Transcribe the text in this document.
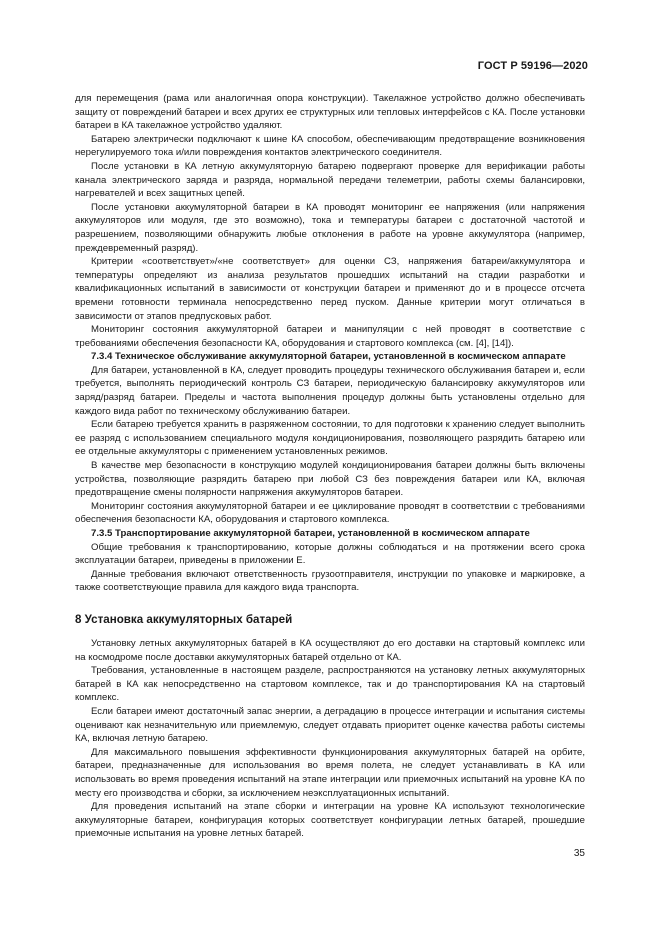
ГОСТ Р 59196—2020

для перемещения (рама или аналогичная опора конструкции). Такелажное устройство должно обеспечивать защиту от повреждений батареи и всех других ее структурных или тепловых интерфейсов с КА. После установки батареи в КА такелажное устройство удаляют.

Батарею электрически подключают к шине КА способом, обеспечивающим предотвращение возникновения нерегулируемого тока и/или повреждения контактов электрического соединителя.

После установки в КА летную аккумуляторную батарею подвергают проверке для верификации работы канала электрического заряда и разряда, нормальной передачи телеметрии, работы схемы балансировки, нагревателей и всех защитных цепей.

После установки аккумуляторной батареи в КА проводят мониторинг ее напряжения (или напряжения аккумуляторов или модуля, где это возможно), тока и температуры батареи с достаточной частотой и разрешением, позволяющими обнаружить любые отклонения в работе на уровне аккумулятора (например, преждевременный разряд).

Критерии «соответствует»/«не соответствует» для оценки СЗ, напряжения батареи/аккумулятора и температуры определяют из анализа результатов прошедших испытаний на стадии разработки и квалификационных испытаний в зависимости от конструкции батареи и применяют до и в процессе отсчета времени готовности терминала непосредственно перед пуском. Данные критерии могут отличаться в зависимости от этапов предпусковых работ.

Мониторинг состояния аккумуляторной батареи и манипуляции с ней проводят в соответствие с требованиями обеспечения безопасности КА, оборудования и стартового комплекса (см. [4], [14]).

7.3.4 Техническое обслуживание аккумуляторной батареи, установленной в космическом аппарате

Для батареи, установленной в КА, следует проводить процедуры технического обслуживания батареи и, если требуется, выполнять периодический контроль СЗ батареи, периодическую балансировку аккумуляторов или заряд/разряд батареи. Пределы и частота выполнения процедур должны быть установлены отдельно для каждого вида работ по техническому обслуживанию батареи.

Если батарею требуется хранить в разряженном состоянии, то для подготовки к хранению следует выполнить ее разряд с использованием специального модуля кондиционирования, позволяющего разрядить батарею или ее отдельные аккумуляторы с применением установленных режимов.

В качестве мер безопасности в конструкцию модулей кондиционирования батареи должны быть включены устройства, позволяющие разрядить батарею при любой СЗ без повреждения батареи или КА, включая предотвращение смены полярности напряжения аккумуляторов батареи.

Мониторинг состояния аккумуляторной батареи и ее циклирование проводят в соответствии с требованиями обеспечения безопасности КА, оборудования и стартового комплекса.

7.3.5 Транспортирование аккумуляторной батареи, установленной в космическом аппарате

Общие требования к транспортированию, которые должны соблюдаться и на протяжении всего срока эксплуатации батареи, приведены в приложении Е.

Данные требования включают ответственность грузоотправителя, инструкции по упаковке и маркировке, а также соответствующие правила для каждого вида транспорта.

8 Установка аккумуляторных батарей

Установку летных аккумуляторных батарей в КА осуществляют до его доставки на стартовый комплекс или на космодроме после доставки аккумуляторных батарей отдельно от КА.

Требования, установленные в настоящем разделе, распространяются на установку летных аккумуляторных батарей в КА как непосредственно на стартовом комплексе, так и до транспортирования КА на стартовый комплекс.

Если батареи имеют достаточный запас энергии, а деградацию в процессе интеграции и испытания системы оценивают как незначительную или приемлемую, следует отдавать приоритет оценке качества работы системы КА, включая летную батарею.

Для максимального повышения эффективности функционирования аккумуляторных батарей на орбите, батареи, предназначенные для использования во время полета, не следует устанавливать в КА или использовать во время проведения испытаний на этапе интеграции или приемочных испытаний на уровне КА по месту его производства и сборки, за исключением неэксплуатационных испытаний.

Для проведения испытаний на этапе сборки и интеграции на уровне КА используют технологические аккумуляторные батареи, конфигурация которых соответствует конфигурации летных батарей, прошедшие приемочные испытания на уровне летных батарей.

35
